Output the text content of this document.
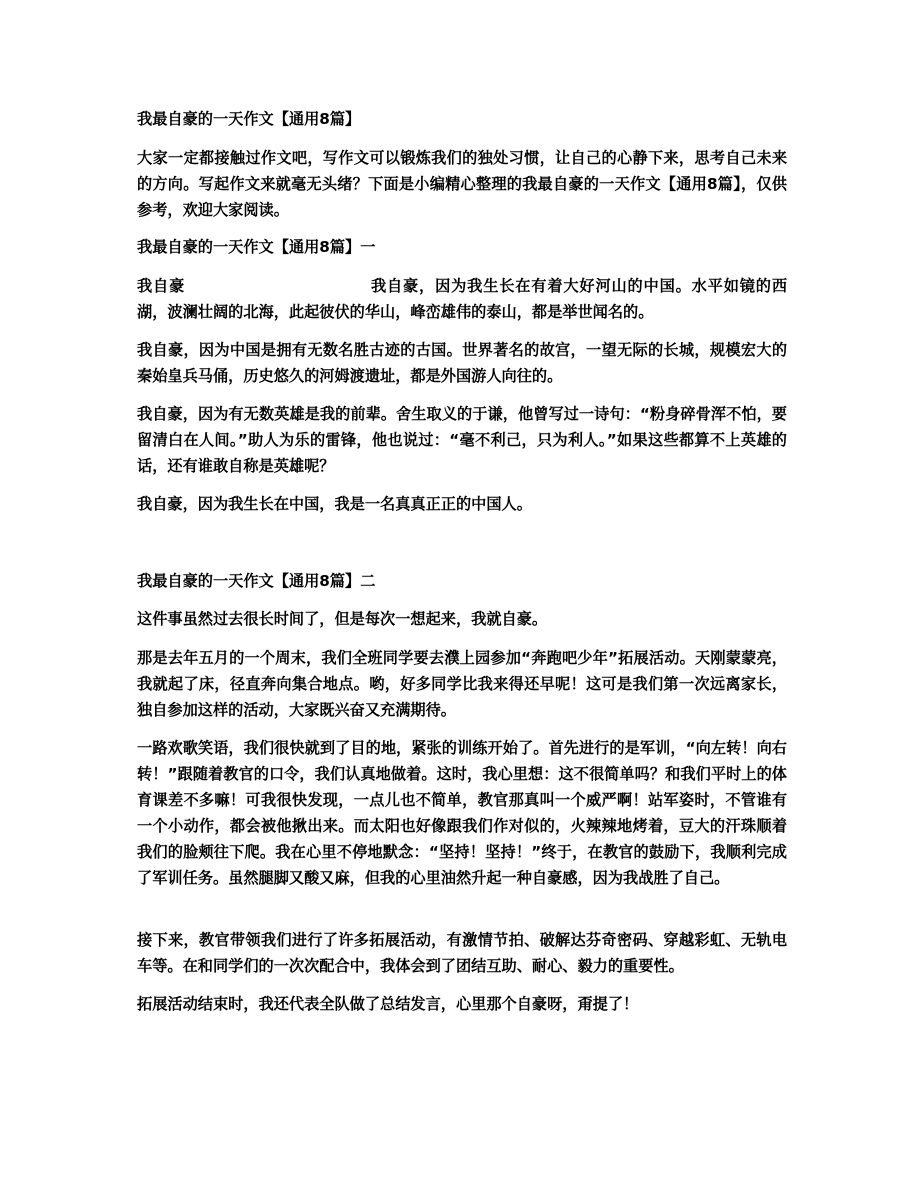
我最自豪的一天作文【通用8篇】
大家一定都接触过作文吧，写作文可以锻炼我们的独处习惯，让自己的心静下来，思考自己未来的方向。写起作文来就毫无头绪？下面是小编精心整理的我最自豪的一天作文【通用8篇】，仅供参考，欢迎大家阅读。
我最自豪的一天作文【通用8篇】一
我自豪	我自豪，因为我生长在有着大好河山的中国。水平如镜的西湖，波澜壮阔的北海，此起彼伏的华山，峰峦雄伟的泰山，都是举世闻名的。
我自豪，因为中国是拥有无数名胜古迹的古国。世界著名的故宫，一望无际的长城，规模宏大的秦始皇兵马俑，历史悠久的河姆渡遗址，都是外国游人向往的。
我自豪，因为有无数英雄是我的前辈。舍生取义的于谦，他曾写过一诗句：“粉身碎骨浑不怕，要留清白在人间。”助人为乐的雷锋，他也说过：“毫不利己，只为利人。”如果这些都算不上英雄的话，还有谁敢自称是英雄呢？
我自豪，因为我生长在中国，我是一名真真正正的中国人。
我最自豪的一天作文【通用8篇】二
这件事虽然过去很长时间了，但是每次一想起来，我就自豪。
那是去年五月的一个周末，我们全班同学要去濮上园参加“奔跑吧少年”拓展活动。天刚蒙蒙亮，我就起了床，径直奔向集合地点。哟，好多同学比我来得还早呢！这可是我们第一次远离家长，独自参加这样的活动，大家既兴奋又充满期待。
一路欢歌笑语，我们很快就到了目的地，紧张的训练开始了。首先进行的是军训，“向左转！向右转！”跟随着教官的口令，我们认真地做着。这时，我心里想：这不很简单吗？和我们平时上的体育课差不多嘛！可我很快发现，一点儿也不简单，教官那真叫一个威严啊！站军姿时，不管谁有一个小动作，都会被他揪出来。而太阳也好像跟我们作对似的，火辣辣地烤着，豆大的汗珠顺着我们的脸颊往下爬。我在心里不停地默念：“坚持！坚持！”终于，在教官的鼓励下，我顺利完成了军训任务。虽然腿脚又酸又麻，但我的心里油然升起一种自豪感，因为我战胜了自己。
接下来，教官带领我们进行了许多拓展活动，有激情节拍、破解达芬奇密码、穿越彩虹、无轨电车等。在和同学们的一次次配合中，我体会到了团结互助、耐心、毅力的重要性。
拓展活动结束时，我还代表全队做了总结发言，心里那个自豪呀，甭提了！
